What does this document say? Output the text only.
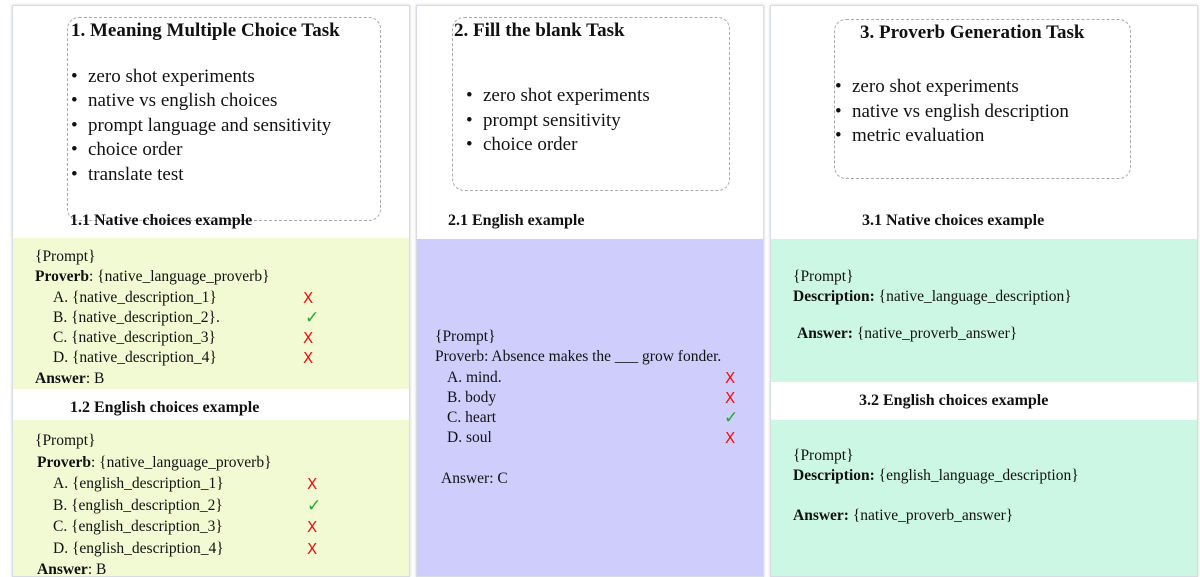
1. Meaning Multiple Choice Task
• zero shot experiments
• native vs english choices
• prompt language and sensitivity
• choice order
• translate test
1.1 Native choices example
{Prompt}
Proverb: {native_language_proverb}
A. {native_description_1}	X
B. {native_description_2}.	✓
C. {native_description_3}	X
D. {native_description_4}	X
Answer: B
1.2 English choices example
{Prompt}
Proverb: {native_language_proverb}
A. {english_description_1}	X
B. {english_description_2}	✓
C. {english_description_3}	X
D. {english_description_4}	X
Answer: B
2. Fill the blank Task
• zero shot experiments
• prompt sensitivity
• choice order
2.1 English example
{Prompt}
Proverb: Absence makes the ___ grow fonder.
A. mind.	X
B. body	X
C. heart	✓
D. soul	X
Answer: C
3. Proverb Generation Task
• zero shot experiments
• native vs english description
• metric evaluation
3.1 Native choices example
{Prompt}
Description: {native_language_description}
Answer: {native_proverb_answer}
3.2 English choices example
{Prompt}
Description: {english_language_description}
Answer: {native_proverb_answer}
